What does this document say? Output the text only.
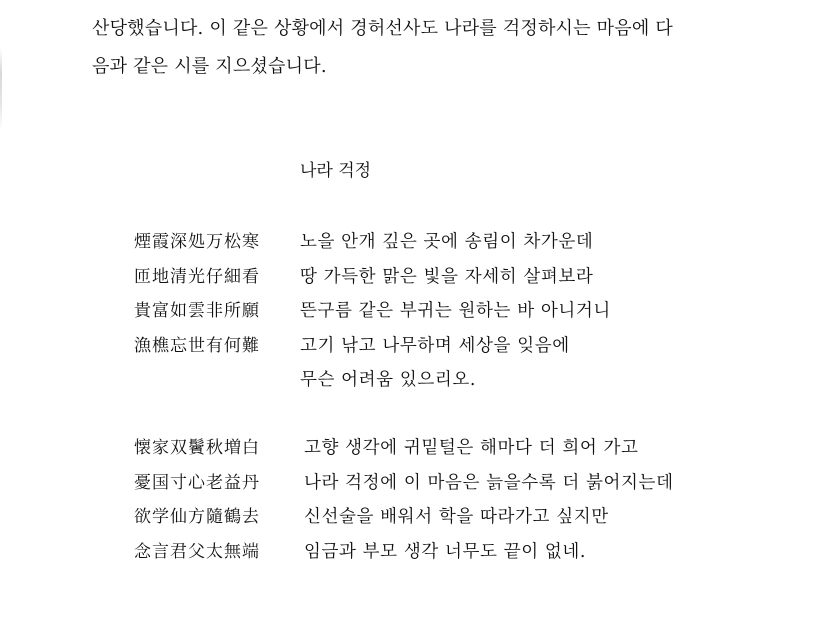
산당했습니다. 이 같은 상황에서 경허선사도 나라를 걱정하시는 마음에 다
음과 같은 시를 지으셨습니다.
나라 걱정
煙霞深処万松寒 노을 안개 깊은 곳에 송림이 차가운데
匝地清光仔細看 땅 가득한 맑은 빛을 자세히 살펴보라
貴富如雲非所願 뜬구름 같은 부귀는 원하는 바 아니거니
漁樵忘世有何難 고기 낚고 나무하며 세상을 잊음에
무슨 어려움 있으리오.
懐家双鬢秋増白	고향 생각에 귀밑털은 해마다 더 희어 가고
憂国寸心老益丹	나라 걱정에 이 마음은 늙을수록 더 붉어지는데
欲学仙方隨鶴去	신선술을 배워서 학을 따라가고 싶지만
念言君父太無端	임금과 부모 생각 너무도 끝이 없네.
